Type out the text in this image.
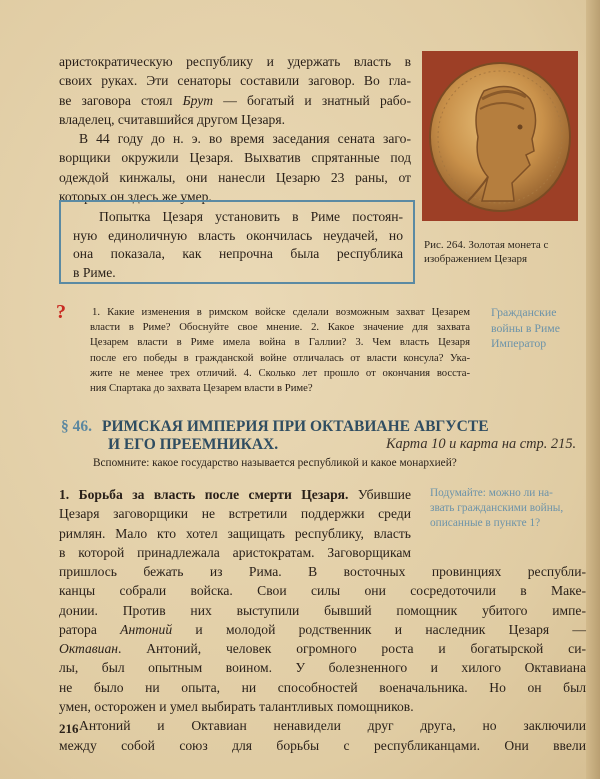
аристократическую республику и удержать власть в
своих руках. Эти сенаторы составили заговор. Во гла-
ве заговора стоял Брут — богатый и знатный рабо-
владелец, считавшийся другом Цезаря.
В 44 году до н. э. во время заседания сената заго-
ворщики окружили Цезаря. Выхватив спрятанные под
одеждой кинжалы, они нанесли Цезарю 23 раны, от
которых он здесь же умер.
Рис. 264. Золотая монета с
изображением Цезаря
Попытка Цезаря установить в Риме постоян-
ную единоличную власть окончилась неудачей, но
она показала, как непрочна была республика
в Риме.
? 1. Какие изменения в римском войске сделали возможным захват Цезарем
власти в Риме? Обоснуйте свое мнение. 2. Какое значение для захвата
Цезарем власти в Риме имела война в Галлии? 3. Чем власть Цезаря
после его победы в гражданской войне отличалась от власти консула? Ука-
жите не менее трех отличий. 4. Сколько лет прошло от окончания восста-
ния Спартака до захвата Цезарем власти в Риме?
Гражданские
войны в Риме
Император
§ 46. РИМСКАЯ ИМПЕРИЯ ПРИ ОКТАВИАНЕ АВГУСТЕ
И ЕГО ПРЕЕМНИКАХ.	Карта 10 и карта на стр. 215.
Вспомните: какое государство называется республикой и какое монархией?
1. Борьба за власть после смерти Цезаря. Убившие
Цезаря заговорщики не встретили поддержки среди
римлян. Мало кто хотел защищать республику, власть
в которой принадлежала аристократам. Заговорщикам
Подумайте: можно ли на-
звать гражданскими войны,
описанные в пункте 1?
пришлось бежать из Рима. В восточных провинциях республи-
канцы собрали войска. Свои силы они сосредоточили в Маке-
донии. Против них выступили бывший помощник убитого импе-
ратора Антоний и молодой родственник и наследник Цезаря —
Октавиан. Антоний, человек огромного роста и богатырской си-
лы, был опытным воином. У болезненного и хилого Октавиана
не было ни опыта, ни способностей военачальника. Но он был
умен, осторожен и умел выбирать талантливых помощников.
Антоний и Октавиан ненавидели друг друга, но заключили
между собой союз для борьбы с республиканцами. Они ввели
216
